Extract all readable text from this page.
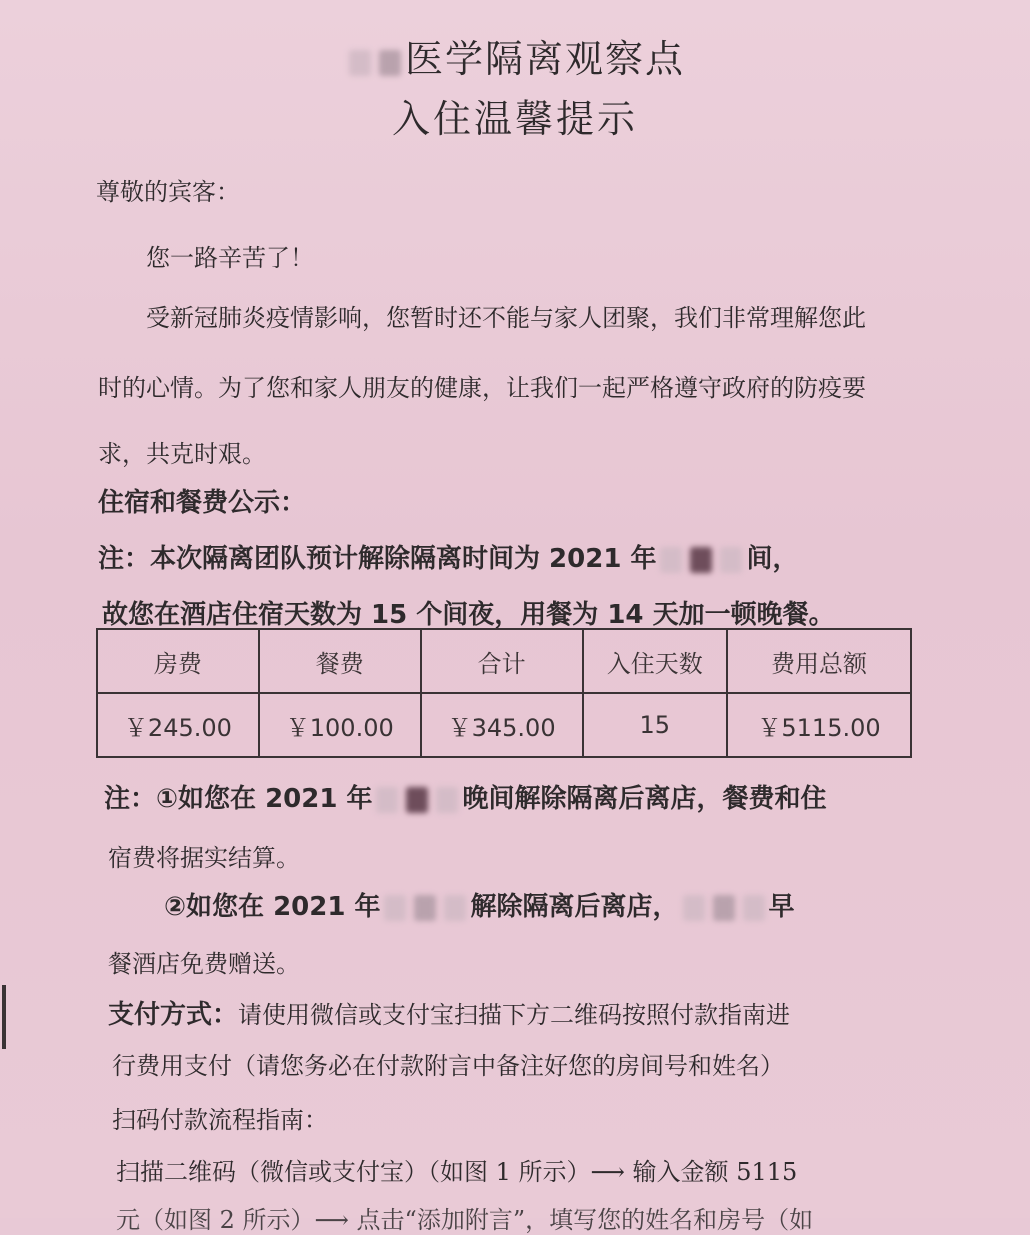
医学隔离观察点
入住温馨提示
尊敬的宾客：
您一路辛苦了！
受新冠肺炎疫情影响，您暂时还不能与家人团聚，我们非常理解您此
时的心情。为了您和家人朋友的健康，让我们一起严格遵守政府的防疫要
求，共克时艰。
住宿和餐费公示：
注：本次隔离团队预计解除隔离时间为 2021 年	间，
故您在酒店住宿天数为 15 个间夜，用餐为 14 天加一顿晚餐。
房费	餐费	合计	入住天数	费用总额
￥245.00	￥100.00	￥345.00	15	￥5115.00
注：①如您在 2021 年	晚间解除隔离后离店，餐费和住
宿费将据实结算。
②如您在 2021 年	解除隔离后离店，	早
餐酒店免费赠送。
支付方式：请使用微信或支付宝扫描下方二维码按照付款指南进
行费用支付（请您务必在付款附言中备注好您的房间号和姓名）
扫码付款流程指南：
扫描二维码（微信或支付宝）（如图 1 所示）⟶ 输入金额 5115
元（如图 2 所示）⟶ 点击“添加附言”，填写您的姓名和房号（如
